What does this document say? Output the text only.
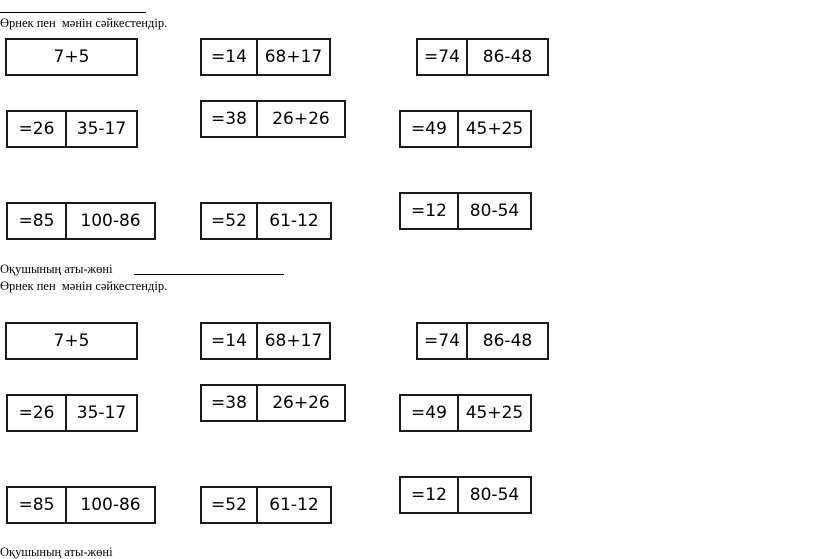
Өрнек пен  мәнін сәйкестендір.
7+5	=14	68+17	=74	86-48
=26	35-17	=38	26+26	=49	45+25
=85	100-86	=52	61-12	=12	80-54
Оқушының аты-жөні
Өрнек пен  мәнін сәйкестендір.
7+5	=14	68+17	=74	86-48
=26	35-17	=38	26+26	=49	45+25
=85	100-86	=52	61-12	=12	80-54
Оқушының аты-жөні
